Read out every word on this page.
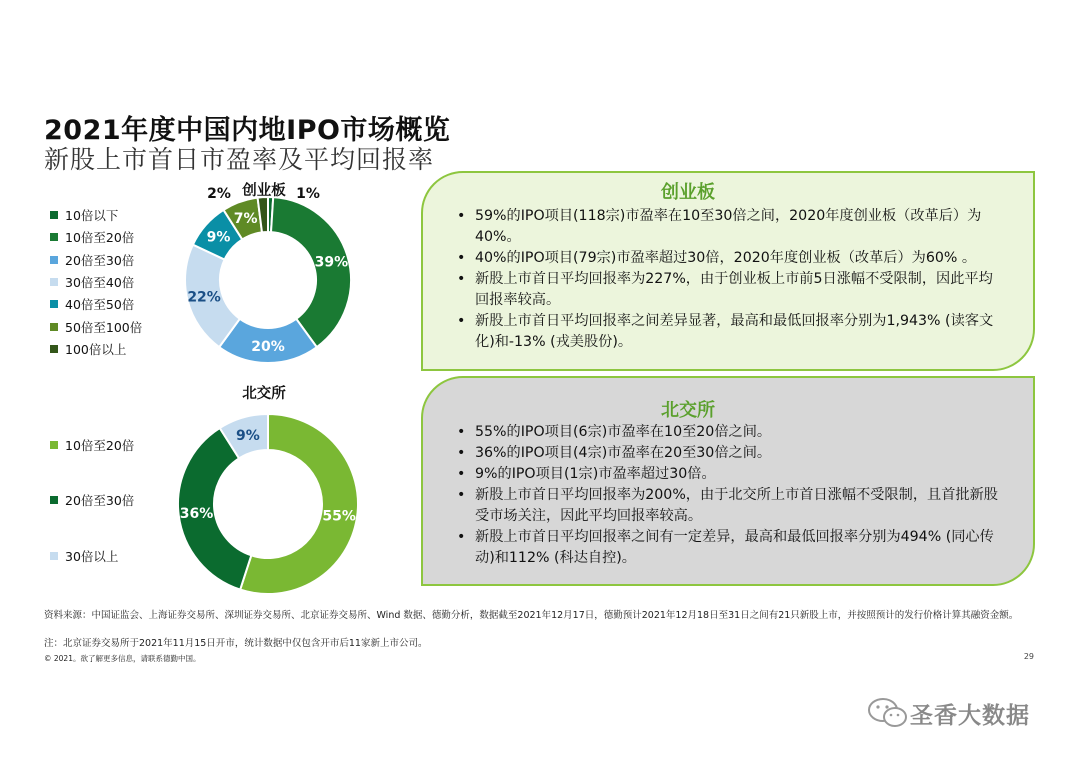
2021年度中国内地IPO市场概览
新股上市首日市盈率及平均回报率
10倍以下
10倍至20倍
20倍至30倍
30倍至40倍
40倍至50倍
50倍至100倍
100倍以上
10倍至20倍
20倍至30倍
30倍以上
1%
39%
20%
22%
9%
7%
2% 创业板
55%
36%
9%
北交所
创业板
• 59%的IPO项目(118宗)市盈率在10至30倍之间，2020年度创业板（改革后）为40%。
• 40%的IPO项目(79宗)市盈率超过30倍，2020年度创业板（改革后）为60% 。
• 新股上市首日平均回报率为227%，由于创业板上市前5日涨幅不受限制，因此平均回报率较高。
• 新股上市首日平均回报率之间差异显著，最高和最低回报率分别为1,943% (读客文化)和-13% (戎美股份)。
北交所
• 55%的IPO项目(6宗)市盈率在10至20倍之间。
• 36%的IPO项目(4宗)市盈率在20至30倍之间。
• 9%的IPO项目(1宗)市盈率超过30倍。
• 新股上市首日平均回报率为200%，由于北交所上市首日涨幅不受限制，且首批新股受市场关注，因此平均回报率较高。
• 新股上市首日平均回报率之间有一定差异，最高和最低回报率分别为494% (同心传动)和112% (科达自控)。
资料来源：中国证监会、上海证券交易所、深圳证券交易所、北京证券交易所、Wind 数据、德勤分析，数据截至2021年12月17日，德勤预计2021年12月18日至31日之间有21只新股上市，并按照预计的发行价格计算其融资金额。
注：北京证券交易所于2021年11月15日开市，统计数据中仅包含开市后11家新上市公司。
© 2021。欲了解更多信息，请联系德勤中国。	29
圣香大数据
